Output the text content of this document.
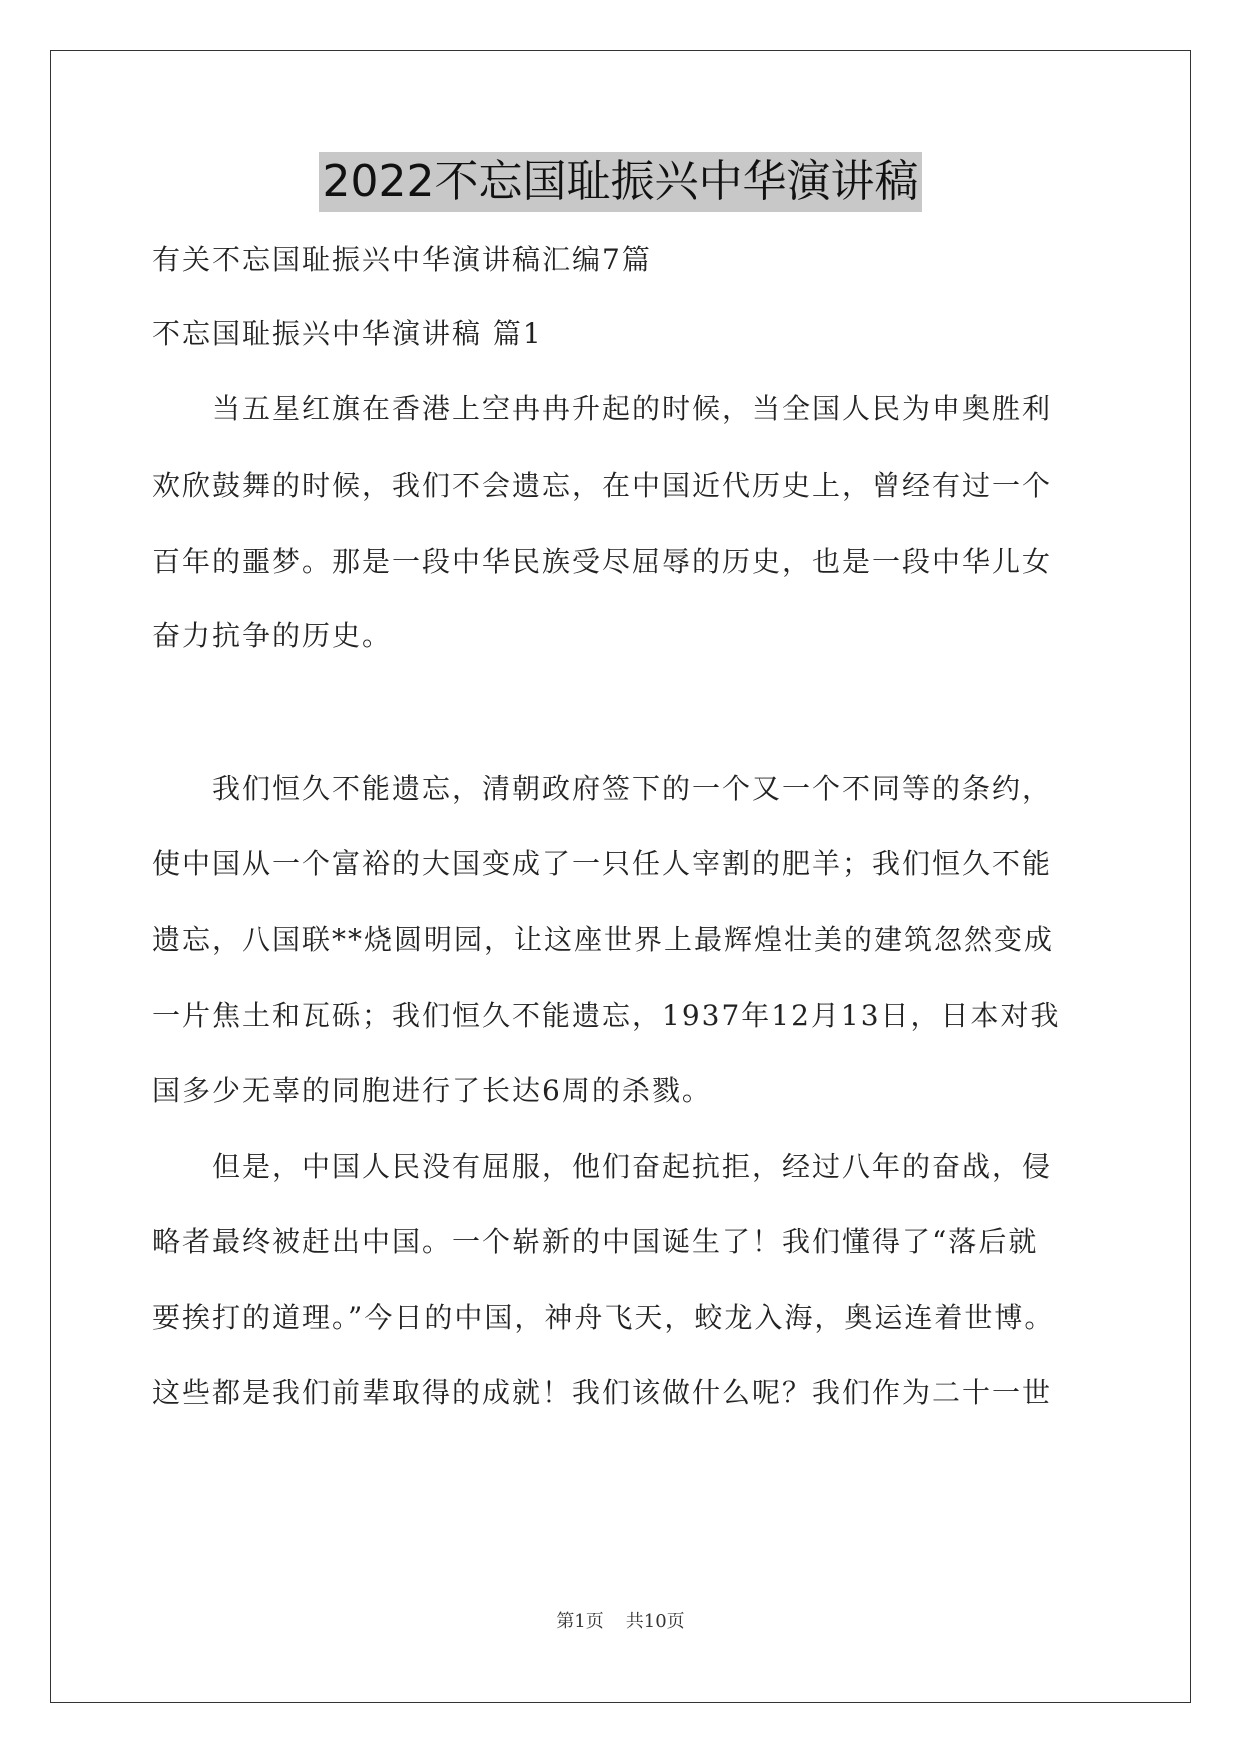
2022不忘国耻振兴中华演讲稿

有关不忘国耻振兴中华演讲稿汇编7篇

不忘国耻振兴中华演讲稿 篇1

　　当五星红旗在香港上空冉冉升起的时候，当全国人民为申奥胜利

欢欣鼓舞的时候，我们不会遗忘，在中国近代历史上，曾经有过一个

百年的噩梦。那是一段中华民族受尽屈辱的历史，也是一段中华儿女

奋力抗争的历史。

　　我们恒久不能遗忘，清朝政府签下的一个又一个不同等的条约，

使中国从一个富裕的大国变成了一只任人宰割的肥羊；我们恒久不能

遗忘，八国联**烧圆明园，让这座世界上最辉煌壮美的建筑忽然变成

一片焦土和瓦砾；我们恒久不能遗忘，1937年12月13日，日本对我

国多少无辜的同胞进行了长达6周的杀戮。

　　但是，中国人民没有屈服，他们奋起抗拒，经过八年的奋战，侵

略者最终被赶出中国。一个崭新的中国诞生了！我们懂得了“落后就

要挨打的道理。”今日的中国，神舟飞天，蛟龙入海，奥运连着世博。

这些都是我们前辈取得的成就！我们该做什么呢？我们作为二十一世

第1页 共10页
